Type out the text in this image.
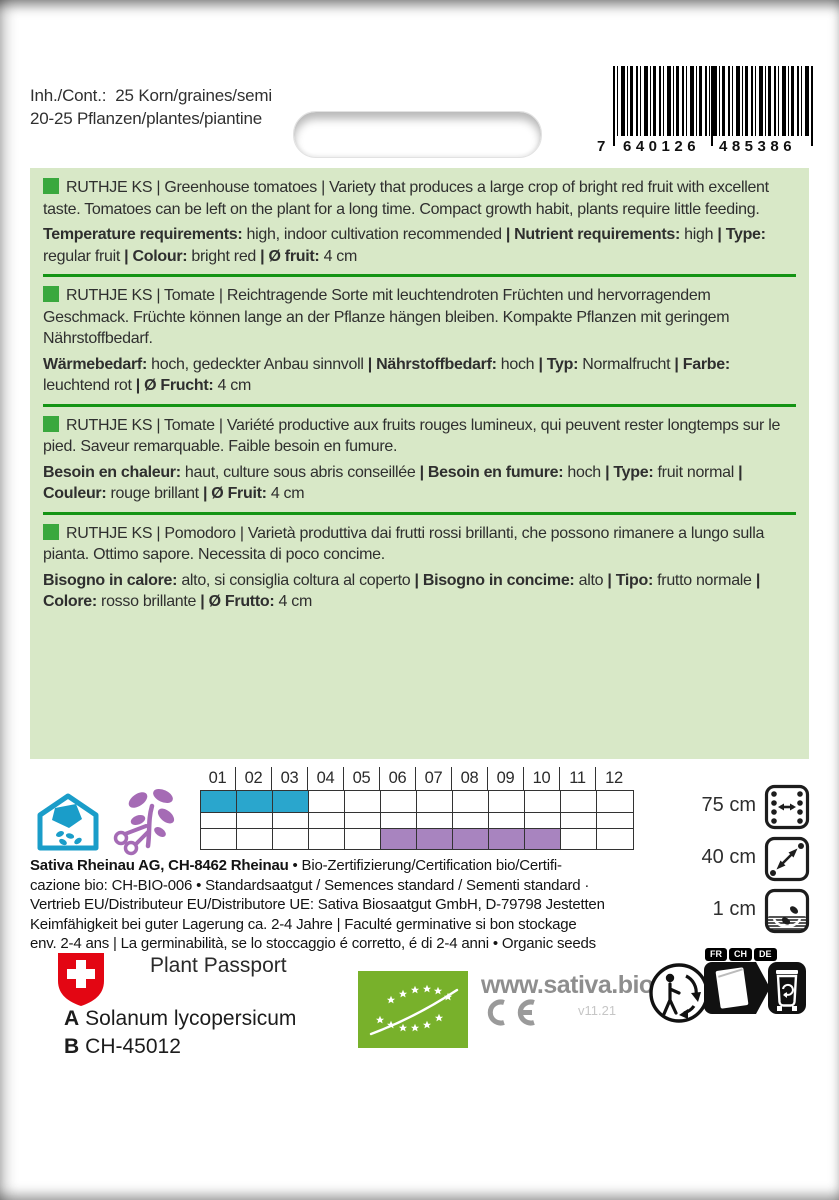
Inh./Cont.: 25 Korn/graines/semi
20-25 Pflanzen/plantes/piantine
7 640126 485386

RUTHJE KS | Greenhouse tomatoes | Variety that produces a large crop of bright red fruit with excellent taste. Tomatoes can be left on the plant for a long time. Compact growth habit, plants require little feeding.

Temperature requirements: high, indoor cultivation recommended | Nutrient requirements: high | Type: regular fruit | Colour: bright red | Ø fruit: 4 cm

RUTHJE KS | Tomate | Reichtragende Sorte mit leuchtendroten Früchten und hervorragendem Geschmack. Früchte können lange an der Pflanze hängen bleiben. Kompakte Pflanzen mit geringem Nährstoffbedarf.

Wärmebedarf: hoch, gedeckter Anbau sinnvoll | Nährstoffbedarf: hoch | Typ: Normalfrucht | Farbe: leuchtend rot | Ø Frucht: 4 cm

RUTHJE KS | Tomate | Variété productive aux fruits rouges lumineux, qui peuvent rester longtemps sur le pied. Saveur remarquable. Faible besoin en fumure.

Besoin en chaleur: haut, culture sous abris conseillée | Besoin en fumure: hoch | Type: fruit normal | Couleur: rouge brillant | Ø Fruit: 4 cm

RUTHJE KS | Pomodoro | Varietà produttiva dai frutti rossi brillanti, che possono rimanere a lungo sulla pianta. Ottimo sapore. Necessita di poco concime.

Bisogno in calore: alto, si consiglia coltura al coperto | Bisogno in concime: alto | Tipo: frutto normale | Colore: rosso brillante | Ø Frutto: 4 cm

01	02	03	04	05	06	07	08	09	10	11	12
75 cm
40 cm
1 cm
Sativa Rheinau AG, CH-8462 Rheinau • Bio-Zertifizierung/Certification bio/Certifi-
cazione bio: CH-BIO-006 • Standardsaatgut / Semences standard / Sementi standard ·
Vertrieb EU/Distributeur EU/Distributore UE: Sativa Biosaatgut GmbH, D-79798 Jestetten
Keimfähigkeit bei guter Lagerung ca. 2-4 Jahre | Faculté germinative si bon stockage
env. 2-4 ans | La germinabilità, se lo stoccaggio é corretto, é di 2-4 anni • Organic seeds
Plant Passport
A Solanum lycopersicum
B CH-45012
www.sativa.bio
v11.21
FR	CH	DE
